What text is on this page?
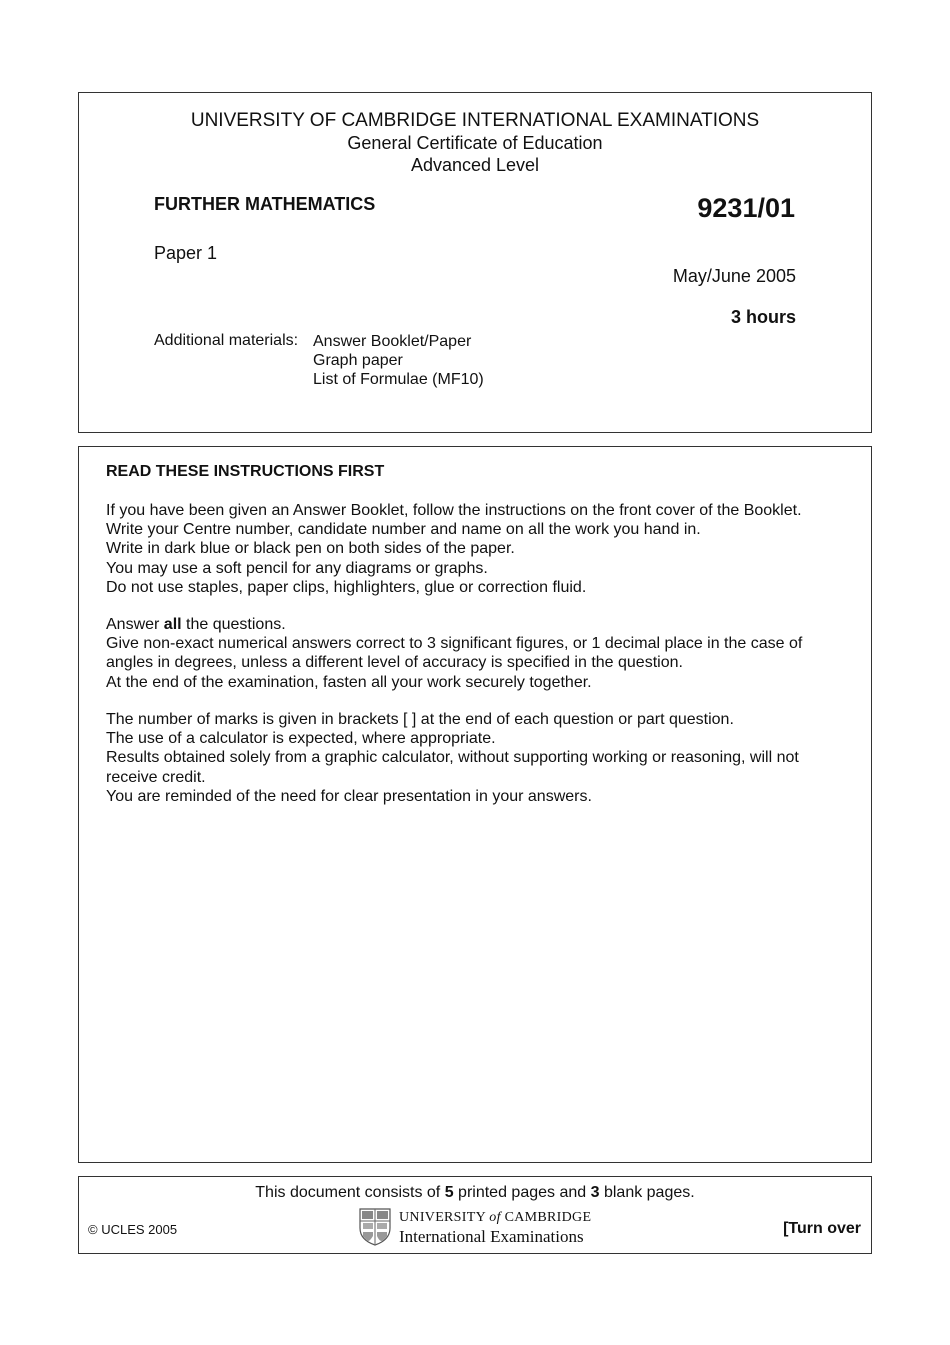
UNIVERSITY OF CAMBRIDGE INTERNATIONAL EXAMINATIONS
General Certificate of Education
Advanced Level
FURTHER MATHEMATICS	9231/01
Paper 1
May/June 2005
3 hours
Additional materials: Answer Booklet/Paper
Graph paper
List of Formulae (MF10)
READ THESE INSTRUCTIONS FIRST
If you have been given an Answer Booklet, follow the instructions on the front cover of the Booklet.
Write your Centre number, candidate number and name on all the work you hand in.
Write in dark blue or black pen on both sides of the paper.
You may use a soft pencil for any diagrams or graphs.
Do not use staples, paper clips, highlighters, glue or correction fluid.
Answer all the questions.
Give non-exact numerical answers correct to 3 significant figures, or 1 decimal place in the case of angles in degrees, unless a different level of accuracy is specified in the question.
At the end of the examination, fasten all your work securely together.
The number of marks is given in brackets [ ] at the end of each question or part question.
The use of a calculator is expected, where appropriate.
Results obtained solely from a graphic calculator, without supporting working or reasoning, will not receive credit.
You are reminded of the need for clear presentation in your answers.
This document consists of 5 printed pages and 3 blank pages.
© UCLES 2005
UNIVERSITY of CAMBRIDGE
International Examinations	[Turn over
